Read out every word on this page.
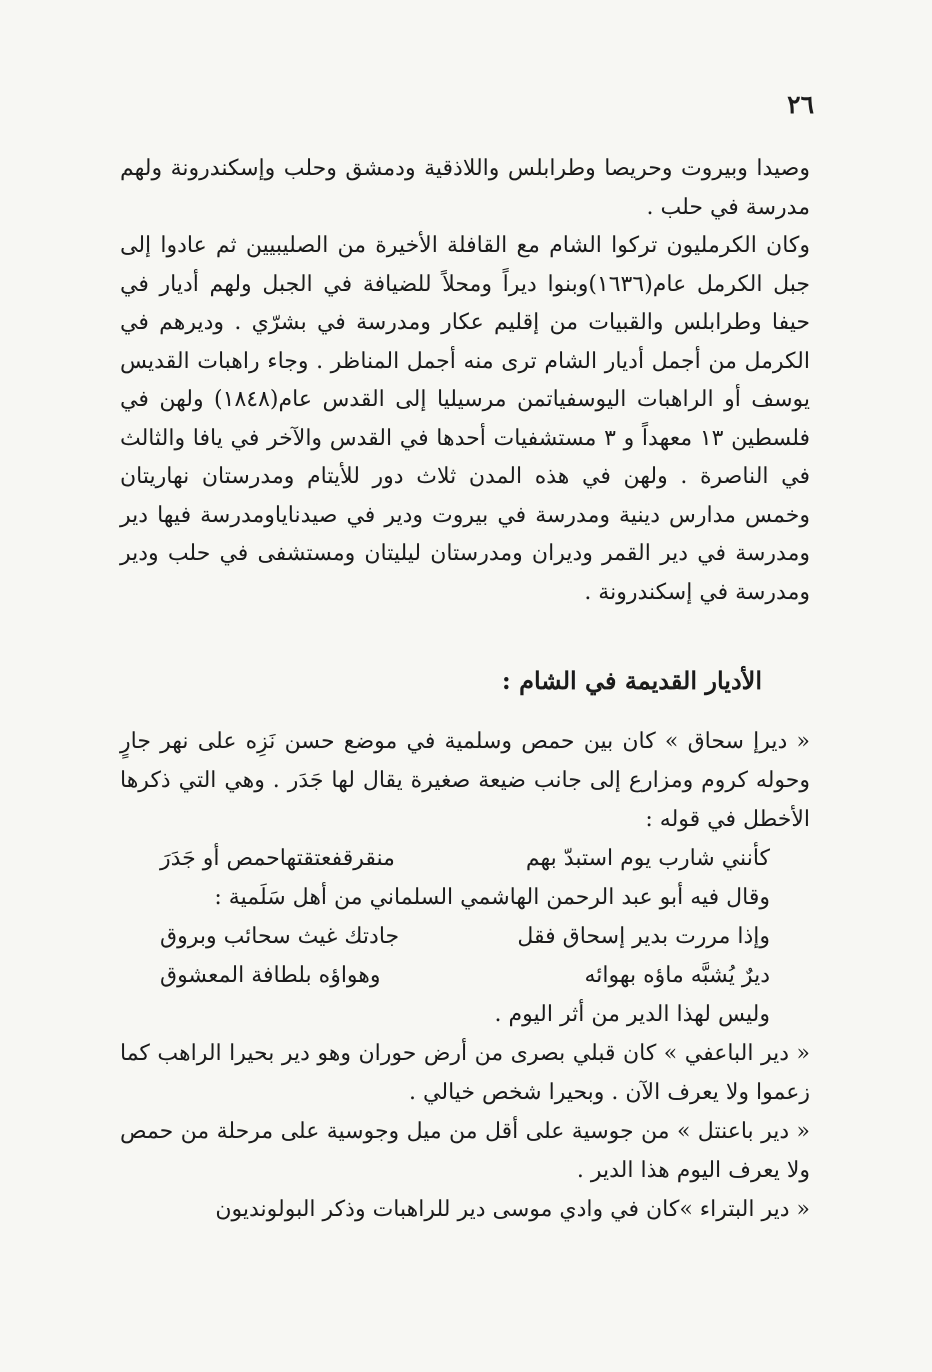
٢٦

وصيدا وبيروت وحريصا وطرابلس واللاذقية ودمشق وحلب وإسكندرونة ولهم مدرسة في حلب .

وكان الكرمليون تركوا الشام مع القافلة الأخيرة من الصليبيين ثم عادوا إلى جبل الكرمل عام(١٦٣٦)وبنوا ديراً ومحلاً للضيافة في الجبل ولهم أديار في حيفا وطرابلس والقبيات من إقليم عكار ومدرسة في بشرّي . وديرهم في الكرمل من أجمل أديار الشام ترى منه أجمل المناظر . وجاء راهبات القديس يوسف أو الراهبات اليوسفياتمن مرسيليا إلى القدس عام(١٨٤٨) ولهن في فلسطين ١٣ معهداً و ٣ مستشفيات أحدها في القدس والآخر في يافا والثالث في الناصرة . ولهن في هذه المدن ثلاث دور للأيتام ومدرستان نهاريتان وخمس مدارس دينية ومدرسة في بيروت ودير في صيدناياومدرسة فيها دير ومدرسة في دير القمر وديران ومدرستان ليليتان ومستشفى في حلب ودير ومدرسة في إسكندرونة .

الأديار القديمة في الشام :

« ديرإ سحاق » كان بين حمص وسلمية في موضع حسن نَزِه على نهر جارٍ وحوله كروم ومزارع إلى جانب ضيعة صغيرة يقال لها جَدَر . وهي التي ذكرها الأخطل في قوله :

كأنني شارب يوم استبدّ بهم
منقرقفعتقتهاحمص أو جَدَرَ

وقال فيه أبو عبد الرحمن الهاشمي السلماني من أهل سَلَمية :

وإذا مررت بدير إسحاق فقل
جادتك غيث سحائب وبروق
ديرٌ يُشبَّه ماؤه بهوائه
وهواؤه بلطافة المعشوق

وليس لهذا الدير من أثر اليوم .

« دير الباعفي » كان قبلي بصرى من أرض حوران وهو دير بحيرا الراهب كما زعموا ولا يعرف الآن . وبحيرا شخص خيالي .

« دير باعنتل » من جوسية على أقل من ميل وجوسية على مرحلة من حمص ولا يعرف اليوم هذا الدير .

« دير البتراء »كان في وادي موسى دير للراهبات وذكر البولونديون
